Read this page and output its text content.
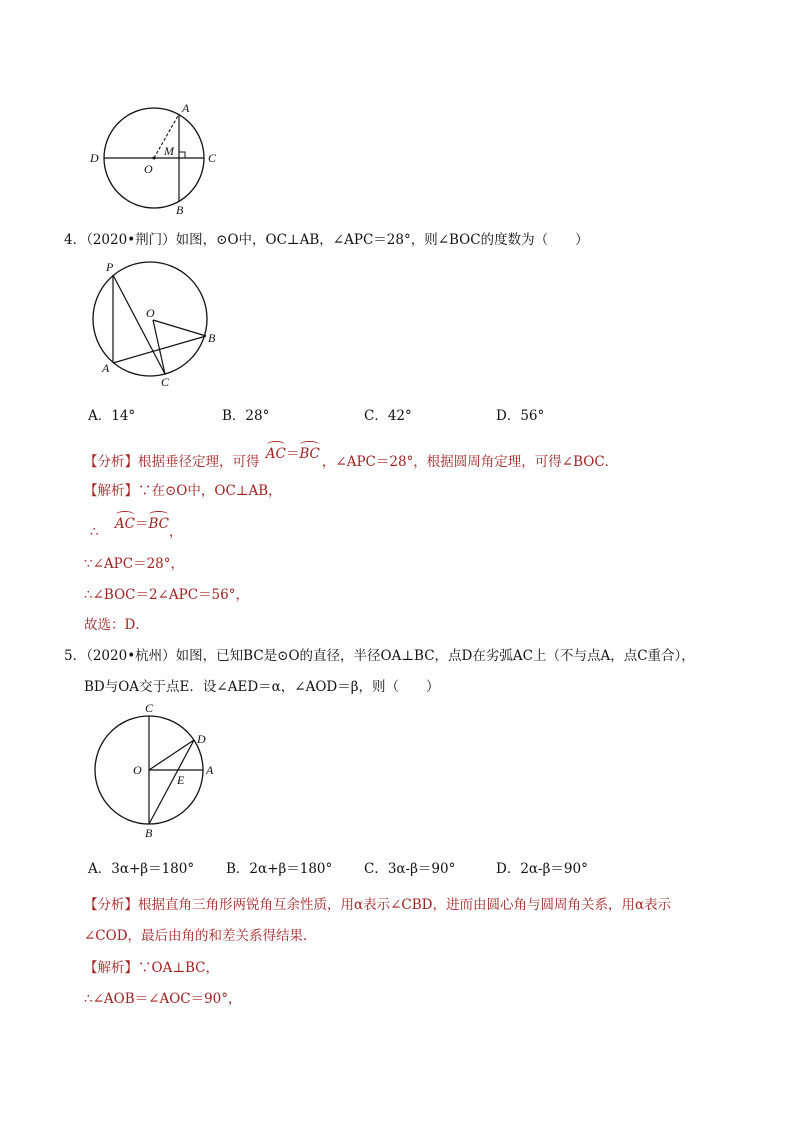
A
B
C
D
O
M
4．（2020•荆门）如图，⊙O中，OC⊥AB，∠APC＝28°，则∠BOC的度数为（　　）
P
O
A
B
C
A．14°	B．28°	C．42°	D．56°
【分析】根据垂径定理，可得 AC＝BC ，∠APC＝28°，根据圆周角定理，可得∠BOC．
【解析】∵在⊙O中，OC⊥AB，
∴ AC＝BC，
∵∠APC＝28°，
∴∠BOC＝2∠APC＝56°，
故选：D．
5．（2020•杭州）如图，已知BC是⊙O的直径，半径OA⊥BC，点D在劣弧AC上（不与点A，点C重合），
BD与OA交于点E．设∠AED＝α，∠AOD＝β，则（　　）
C
D
O	A
E
B
A．3α+β＝180° B．2α+β＝180° C．3α-β＝90°	D．2α-β＝90°
【分析】根据直角三角形两锐角互余性质，用α表示∠CBD，进而由圆心角与圆周角关系，用α表示
∠COD，最后由角的和差关系得结果．
【解析】∵OA⊥BC，
∴∠AOB＝∠AOC＝90°，
